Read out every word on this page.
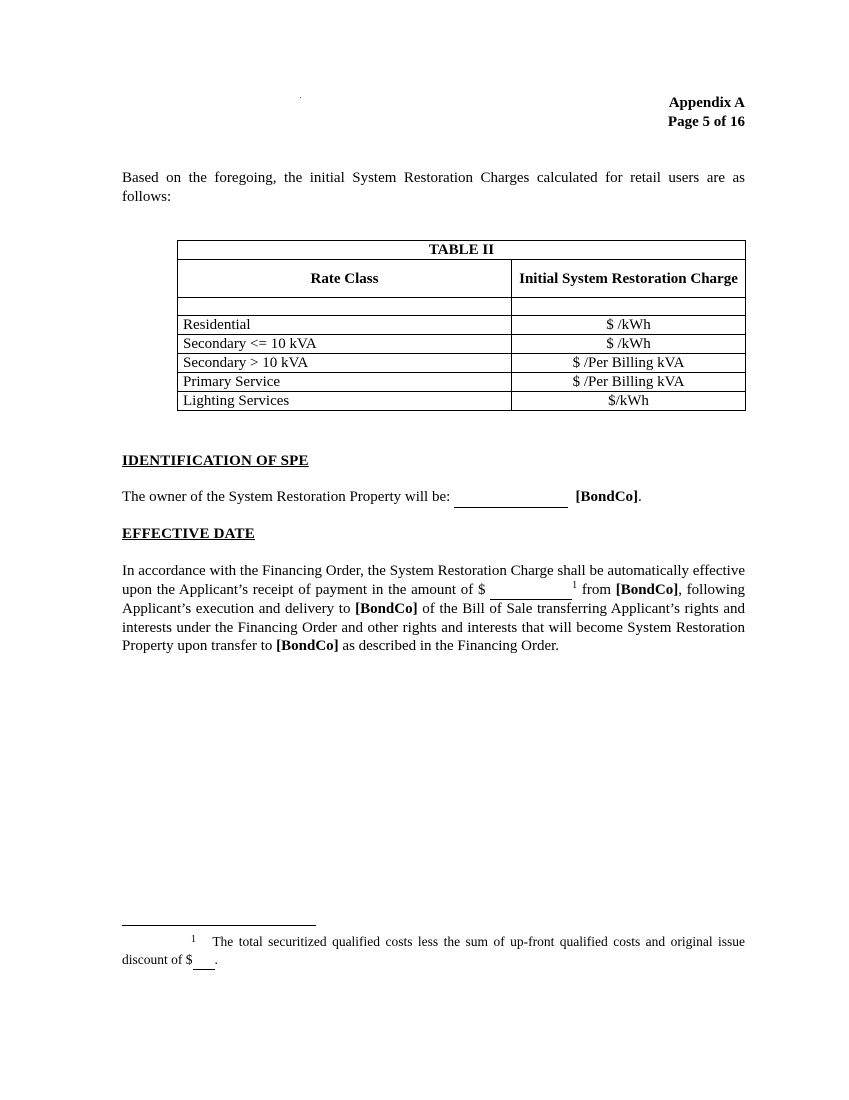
Appendix A
Page 5 of 16
Based on the foregoing, the initial System Restoration Charges calculated for retail users are as follows:
TABLE II	
Rate Class	Initial System Restoration Charge

Residential	$ /kWh
Secondary <= 10 kVA	$ /kWh
Secondary > 10 kVA	$ /Per Billing kVA
Primary Service	$ /Per Billing kVA
Lighting Services	$/kWh
IDENTIFICATION OF SPE
The owner of the System Restoration Property will be:	[BondCo].
EFFECTIVE DATE
In accordance with the Financing Order, the System Restoration Charge shall be automatically effective upon the Applicant’s receipt of payment in the amount of $	$^1$ from [BondCo], following Applicant’s execution and delivery to [BondCo] of the Bill of Sale transferring Applicant’s rights and interests under the Financing Order and other rights and interests that will become System Restoration Property upon transfer to [BondCo] as described in the Financing Order.
1 The total securitized qualified costs less the sum of up-front qualified costs and original issue discount of $ .
